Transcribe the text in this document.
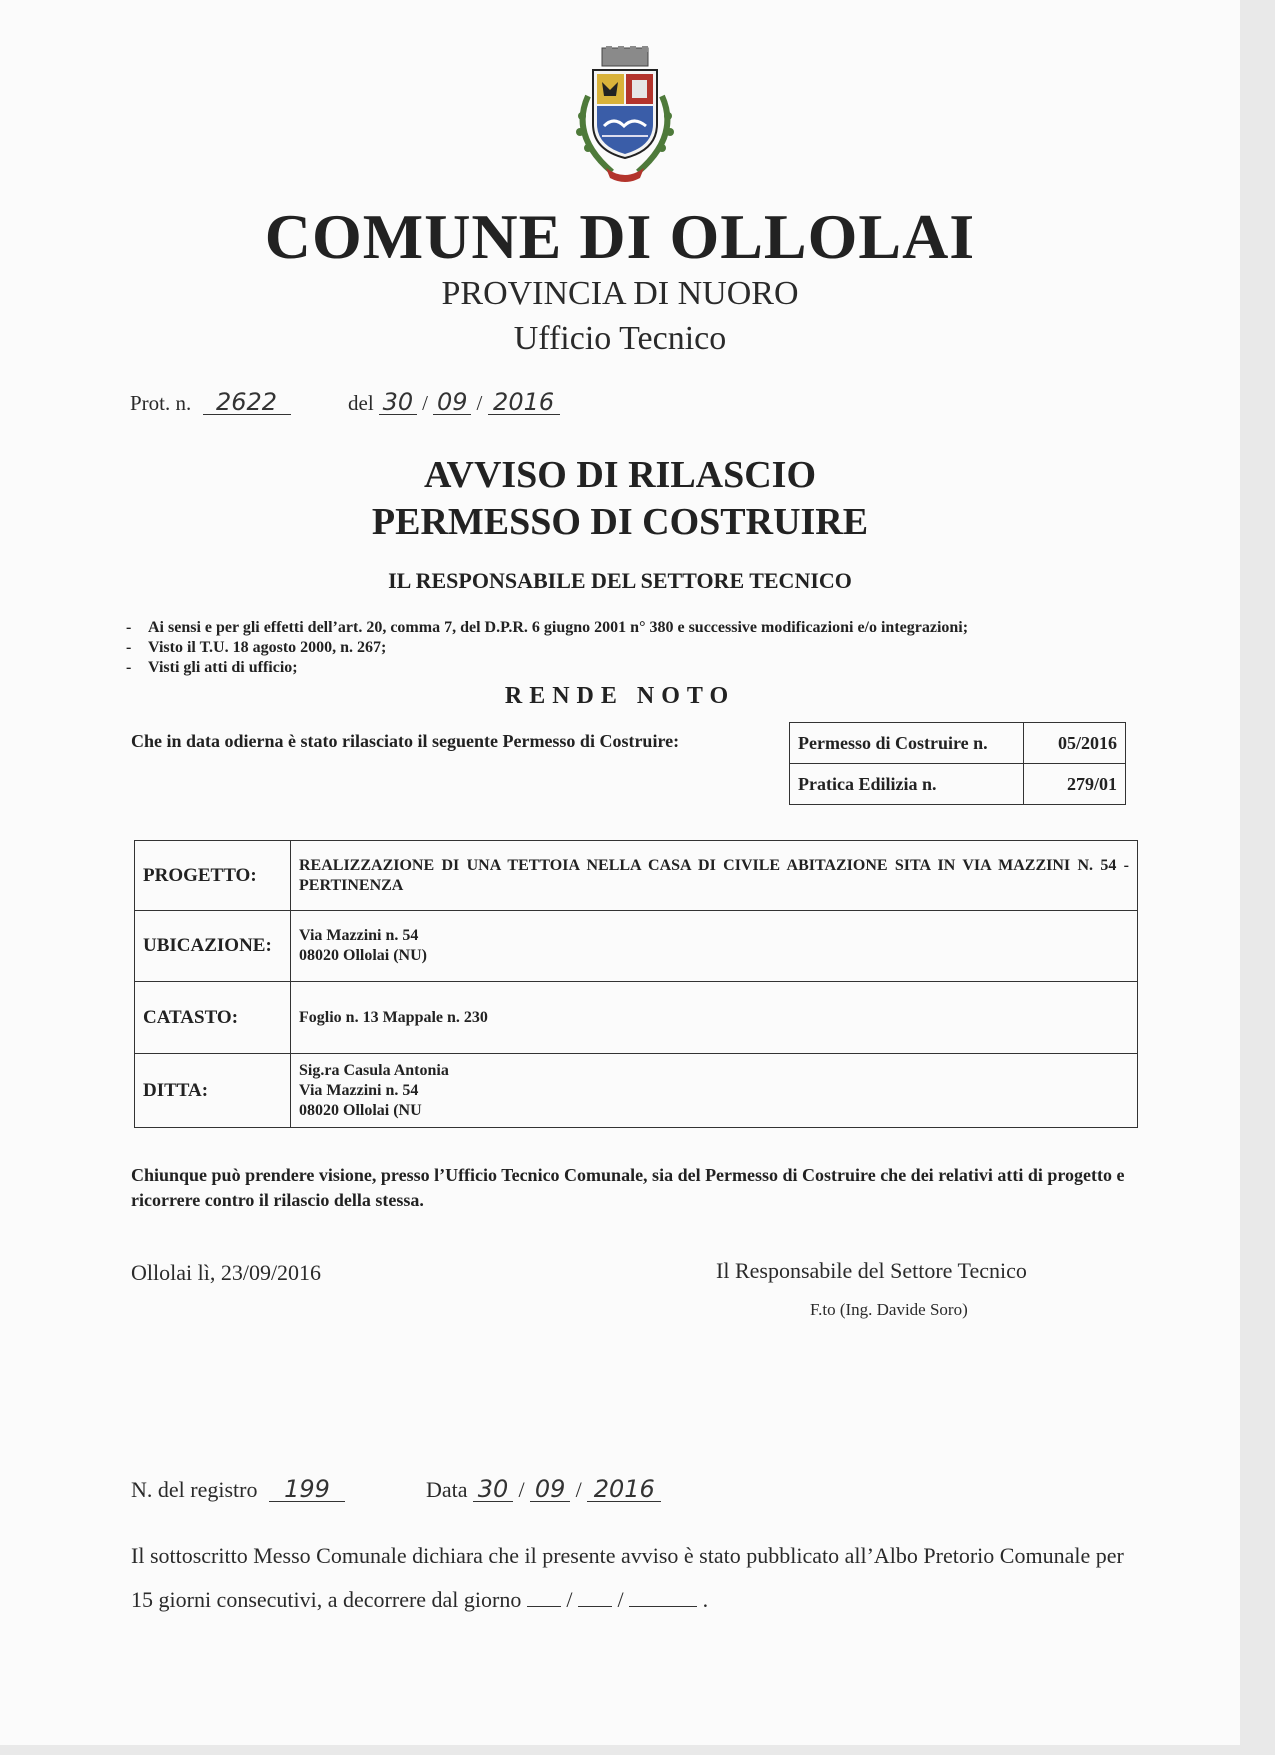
COMUNE DI OLLOLAI
PROVINCIA DI NUORO
Ufficio Tecnico
Prot. n. 2622	del 30 / 09 / 2016
AVVISO DI RILASCIO
PERMESSO DI COSTRUIRE
IL RESPONSABILE DEL SETTORE TECNICO
- Ai sensi e per gli effetti dell’art. 20, comma 7, del D.P.R. 6 giugno 2001 n° 380 e successive modificazioni e/o integrazioni;
- Visto il T.U. 18 agosto 2000, n. 267;
- Visti gli atti di ufficio;
RENDE NOTO
Che in data odierna è stato rilasciato il seguente Permesso di Costruire:	Permesso di Costruire n.	05/2016
Pratica Edilizia n.	279/01
PROGETTO:	REALIZZAZIONE DI UNA TETTOIA NELLA CASA DI CIVILE ABITAZIONE SITA IN VIA MAZZINI N. 54 - PERTINENZA
UBICAZIONE:	Via Mazzini n. 54
08020 Ollolai (NU)

CATASTO:	Foglio n. 13 Mappale n. 230
DITTA:	Sig.ra Casula Antonia
Via Mazzini n. 54
08020 Ollolai (NU
Chiunque può prendere visione, presso l’Ufficio Tecnico Comunale, sia del Permesso di Costruire che dei relativi atti di progetto e ricorrere contro il rilascio della stessa.
Ollolai lì, 23/09/2016	Il Responsabile del Settore Tecnico
F.to (Ing. Davide Soro)
N. del registro 199	Data 30 / 09 / 2016
Il sottoscritto Messo Comunale dichiara che il presente avviso è stato pubblicato all’Albo Pretorio Comunale per 15 giorni consecutivi, a decorrere dal giorno / /	.
